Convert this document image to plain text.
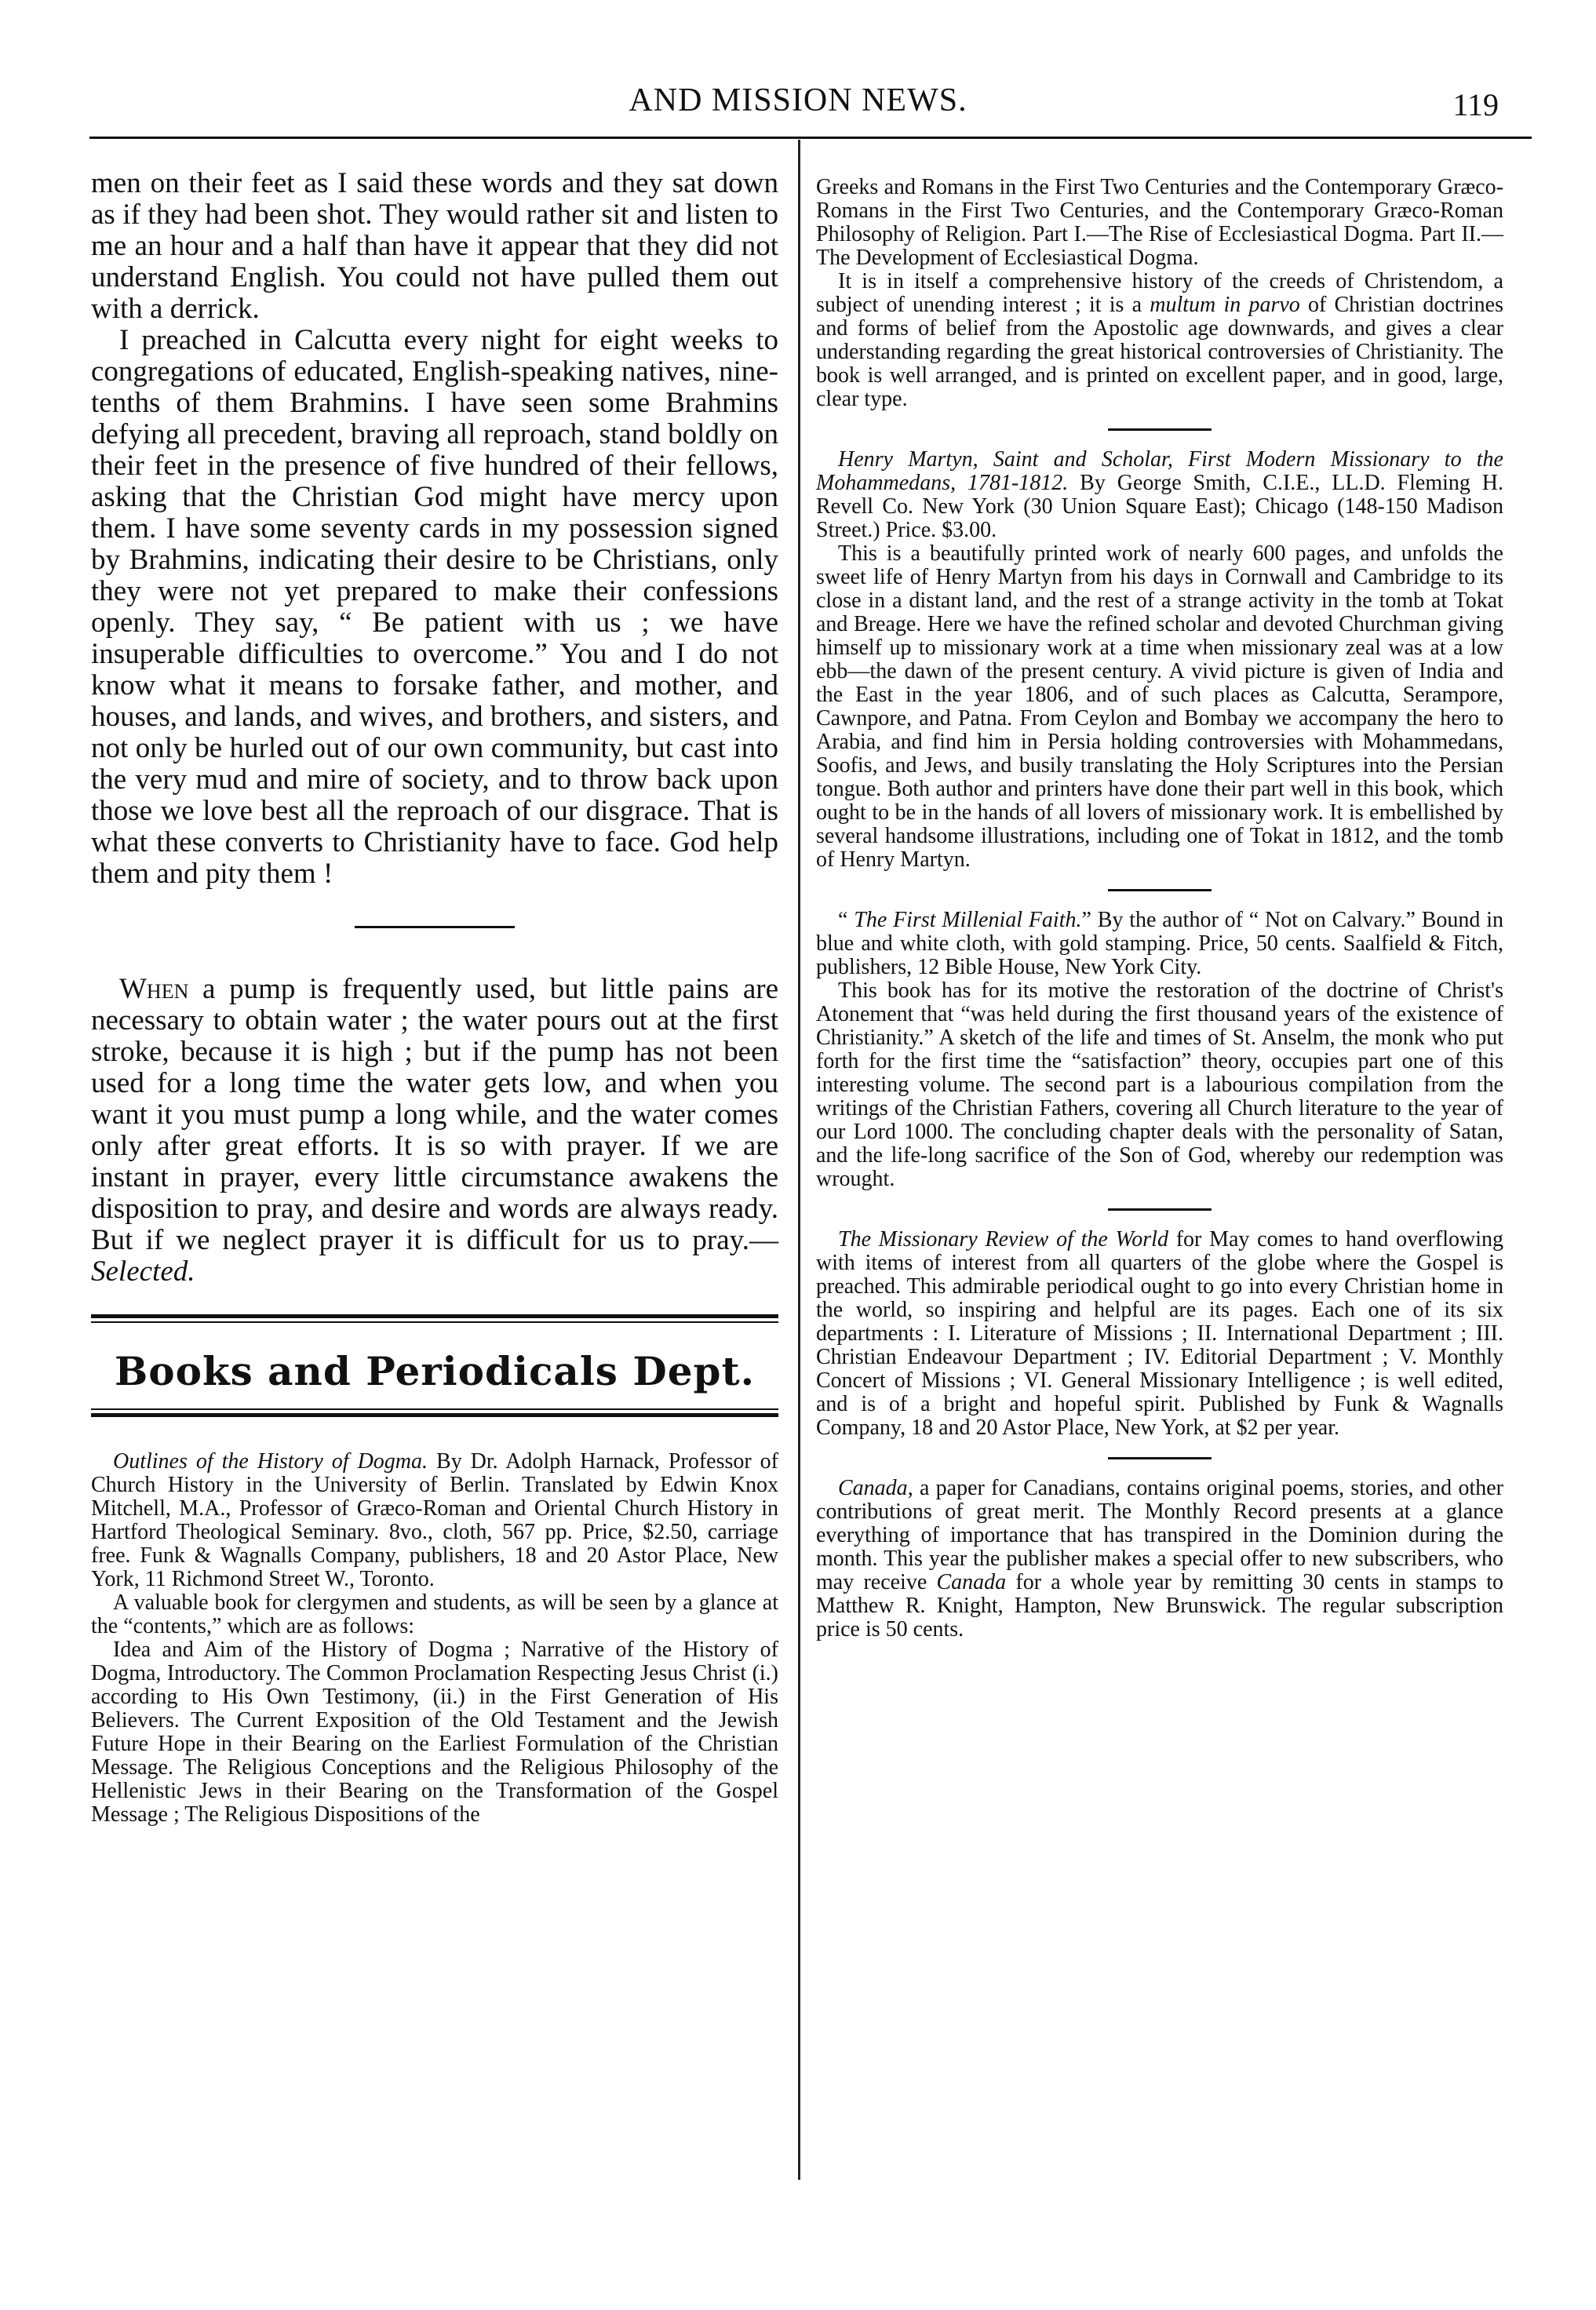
AND MISSION NEWS.	119

men on their feet as I said these words and they sat down as if they had been shot. They would rather sit and listen to me an hour and a half than have it appear that they did not understand English. You could not have pulled them out with a derrick.

I preached in Calcutta every night for eight weeks to congregations of educated, English-speaking natives, nine-tenths of them Brahmins. I have seen some Brahmins defying all precedent, braving all reproach, stand boldly on their feet in the presence of five hundred of their fellows, asking that the Christian God might have mercy upon them. I have some seventy cards in my possession signed by Brahmins, indicating their desire to be Christians, only they were not yet prepared to make their confessions openly. They say, “ Be patient with us ; we have insuperable difficulties to overcome.” You and I do not know what it means to forsake father, and mother, and houses, and lands, and wives, and brothers, and sisters, and not only be hurled out of our own community, but cast into the very mud and mire of society, and to throw back upon those we love best all the reproach of our disgrace. That is what these converts to Christianity have to face. God help them and pity them !

When a pump is frequently used, but little pains are necessary to obtain water ; the water pours out at the first stroke, because it is high ; but if the pump has not been used for a long time the water gets low, and when you want it you must pump a long while, and the water comes only after great efforts. It is so with prayer. If we are instant in prayer, every little circumstance awakens the disposition to pray, and desire and words are always ready. But if we neglect prayer it is difficult for us to pray.—Selected.

Books and Periodicals Dept.

Outlines of the History of Dogma. By Dr. Adolph Harnack, Professor of Church History in the University of Berlin. Translated by Edwin Knox Mitchell, M.A., Professor of Græco-Roman and Oriental Church History in Hartford Theological Seminary. 8vo., cloth, 567 pp. Price, $2.50, carriage free. Funk & Wagnalls Company, publishers, 18 and 20 Astor Place, New York, 11 Richmond Street W., Toronto.

A valuable book for clergymen and students, as will be seen by a glance at the “contents,” which are as follows:

Idea and Aim of the History of Dogma ; Narrative of the History of Dogma, Introductory. The Common Proclamation Respecting Jesus Christ (i.) according to His Own Testimony, (ii.) in the First Generation of His Believers. The Current Exposition of the Old Testament and the Jewish Future Hope in their Bearing on the Earliest Formulation of the Christian Message. The Religious Conceptions and the Religious Philosophy of the Hellenistic Jews in their Bearing on the Transformation of the Gospel Message ; The Religious Dispositions of the

Greeks and Romans in the First Two Centuries and the Contemporary Græco-Romans in the First Two Centuries, and the Contemporary Græco-Roman Philosophy of Religion. Part I.—The Rise of Ecclesiastical Dogma. Part II.—The Development of Ecclesiastical Dogma.

It is in itself a comprehensive history of the creeds of Christendom, a subject of unending interest ; it is a multum in parvo of Christian doctrines and forms of belief from the Apostolic age downwards, and gives a clear understanding regarding the great historical controversies of Christianity. The book is well arranged, and is printed on excellent paper, and in good, large, clear type.

Henry Martyn, Saint and Scholar, First Modern Missionary to the Mohammedans, 1781-1812. By George Smith, C.I.E., LL.D. Fleming H. Revell Co. New York (30 Union Square East); Chicago (148-150 Madison Street.) Price. $3.00.

This is a beautifully printed work of nearly 600 pages, and unfolds the sweet life of Henry Martyn from his days in Cornwall and Cambridge to its close in a distant land, and the rest of a strange activity in the tomb at Tokat and Breage. Here we have the refined scholar and devoted Churchman giving himself up to missionary work at a time when missionary zeal was at a low ebb—the dawn of the present century. A vivid picture is given of India and the East in the year 1806, and of such places as Calcutta, Serampore, Cawnpore, and Patna. From Ceylon and Bombay we accompany the hero to Arabia, and find him in Persia holding controversies with Mohammedans, Soofis, and Jews, and busily translating the Holy Scriptures into the Persian tongue. Both author and printers have done their part well in this book, which ought to be in the hands of all lovers of missionary work. It is embellished by several handsome illustrations, including one of Tokat in 1812, and the tomb of Henry Martyn.

“ The First Millenial Faith.” By the author of “ Not on Calvary.” Bound in blue and white cloth, with gold stamping. Price, 50 cents. Saalfield & Fitch, publishers, 12 Bible House, New York City.

This book has for its motive the restoration of the doctrine of Christ's Atonement that “was held during the first thousand years of the existence of Christianity.” A sketch of the life and times of St. Anselm, the monk who put forth for the first time the “satisfaction” theory, occupies part one of this interesting volume. The second part is a labourious compilation from the writings of the Christian Fathers, covering all Church literature to the year of our Lord 1000. The concluding chapter deals with the personality of Satan, and the life-long sacrifice of the Son of God, whereby our redemption was wrought.

The Missionary Review of the World for May comes to hand overflowing with items of interest from all quarters of the globe where the Gospel is preached. This admirable periodical ought to go into every Christian home in the world, so inspiring and helpful are its pages. Each one of its six departments : I. Literature of Missions ; II. International Department ; III. Christian Endeavour Department ; IV. Editorial Department ; V. Monthly Concert of Missions ; VI. General Missionary Intelligence ; is well edited, and is of a bright and hopeful spirit. Published by Funk & Wagnalls Company, 18 and 20 Astor Place, New York, at $2 per year.

Canada, a paper for Canadians, contains original poems, stories, and other contributions of great merit. The Monthly Record presents at a glance everything of importance that has transpired in the Dominion during the month. This year the publisher makes a special offer to new subscribers, who may receive Canada for a whole year by remitting 30 cents in stamps to Matthew R. Knight, Hampton, New Brunswick. The regular subscription price is 50 cents.
